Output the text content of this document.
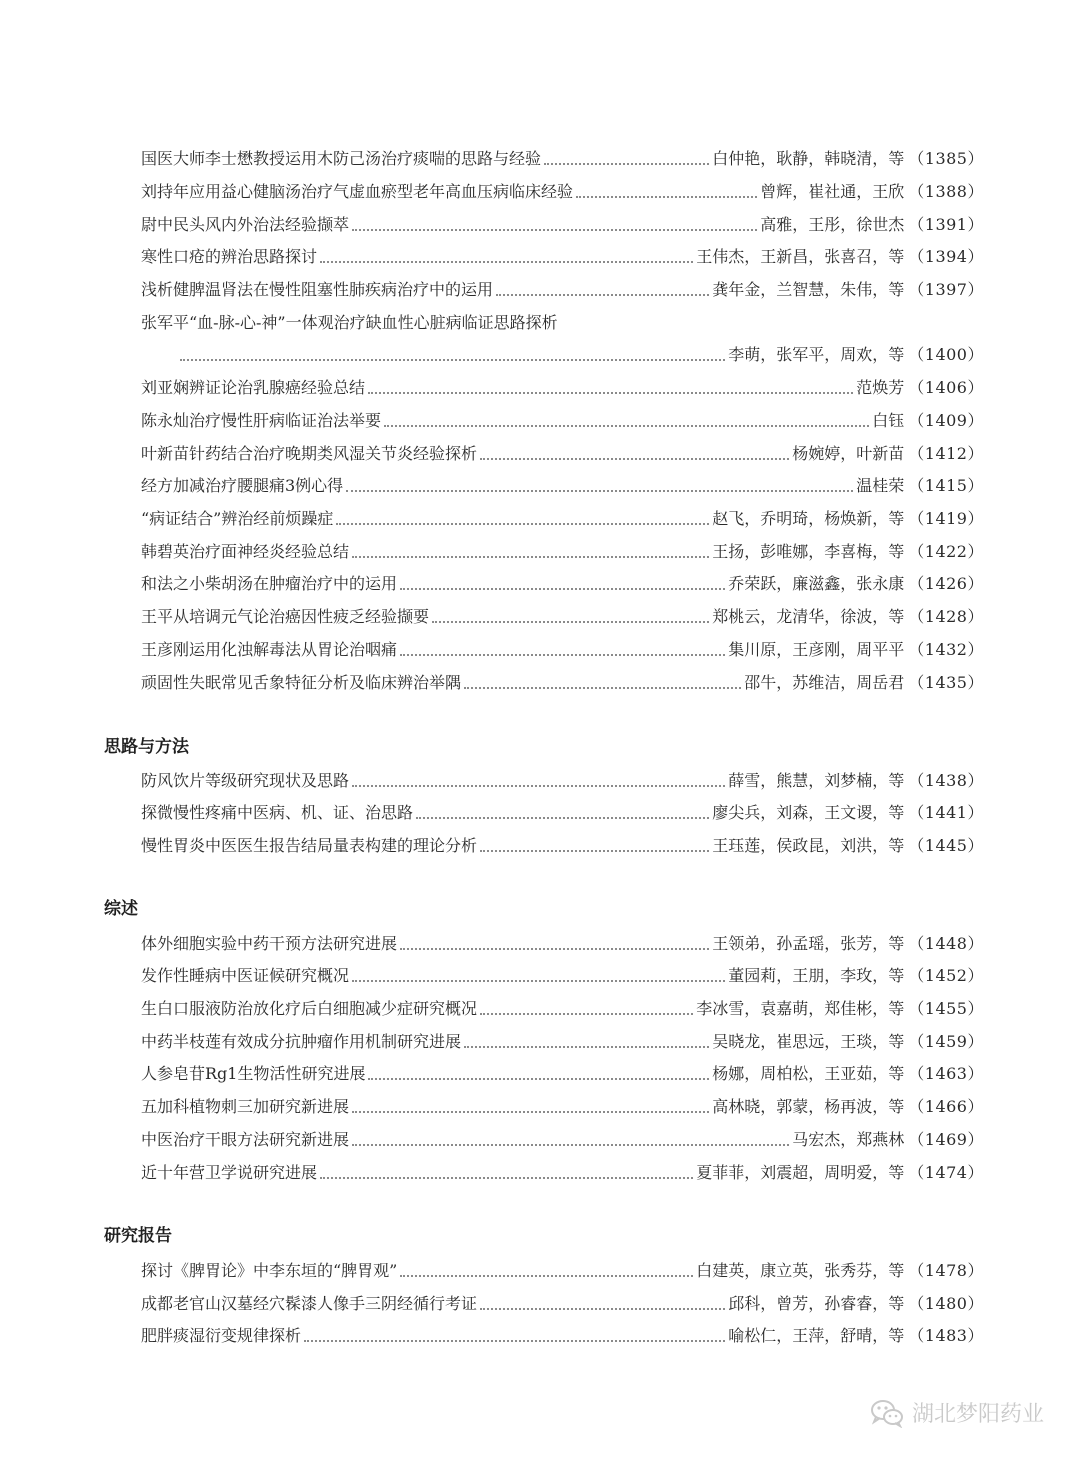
国医大师李士懋教授运用木防己汤治疗痰喘的思路与经验	白仲艳，耿静，韩晓清，等 （1385）
刘持年应用益心健脑汤治疗气虚血瘀型老年高血压病临床经验	曾辉，崔社通，王欣 （1388）
尉中民头风内外治法经验撷萃	高雅，王彤，徐世杰 （1391）
寒性口疮的辨治思路探讨	王伟杰，王新昌，张喜召，等 （1394）
浅析健脾温肾法在慢性阻塞性肺疾病治疗中的运用	龚年金，兰智慧，朱伟，等 （1397）
张军平“血-脉-心-神”一体观治疗缺血性心脏病临证思路探析
李萌，张军平，周欢，等 （1400）
刘亚娴辨证论治乳腺癌经验总结	范焕芳 （1406）
陈永灿治疗慢性肝病临证治法举要	白钰 （1409）
叶新苗针药结合治疗晚期类风湿关节炎经验探析	杨婉婷，叶新苗 （1412）
经方加减治疗腰腿痛3例心得	温桂荣 （1415）
“病证结合”辨治经前烦躁症	赵飞，乔明琦，杨焕新，等 （1419）
韩碧英治疗面神经炎经验总结	王扬，彭唯娜，李喜梅，等 （1422）
和法之小柴胡汤在肿瘤治疗中的运用	乔荣跃，廉滋鑫，张永康 （1426）
王平从培调元气论治癌因性疲乏经验撷要	郑桃云，龙清华，徐波，等 （1428）
王彦刚运用化浊解毒法从胃论治咽痛	集川原，王彦刚，周平平 （1432）
顽固性失眠常见舌象特征分析及临床辨治举隅	邵牛，苏维洁，周岳君 （1435）
思路与方法
防风饮片等级研究现状及思路	薛雪，熊慧，刘梦楠，等 （1438）
探微慢性疼痛中医病、机、证、治思路	廖尖兵，刘森，王文谡，等 （1441）
慢性胃炎中医医生报告结局量表构建的理论分析	王珏莲，侯政昆，刘洪，等 （1445）
综述
体外细胞实验中药干预方法研究进展	王领弟，孙孟瑶，张芳，等 （1448）
发作性睡病中医证候研究概况	董园莉，王朋，李玫，等 （1452）
生白口服液防治放化疗后白细胞减少症研究概况	李冰雪，袁嘉萌，郑佳彬，等 （1455）
中药半枝莲有效成分抗肿瘤作用机制研究进展	吴晓龙，崔思远，王琰，等 （1459）
人参皂苷Rg1生物活性研究进展	杨娜，周柏松，王亚茹，等 （1463）
五加科植物刺三加研究新进展	高林晓，郭蒙，杨再波，等 （1466）
中医治疗干眼方法研究新进展	马宏杰，郑燕林 （1469）
近十年营卫学说研究进展	夏菲菲，刘震超，周明爱，等 （1474）
研究报告
探讨《脾胃论》中李东垣的“脾胃观”	白建英，康立英，张秀芬，等 （1478）
成都老官山汉墓经穴髹漆人像手三阴经循行考证	邱科，曾芳，孙睿睿，等 （1480）
肥胖痰湿衍变规律探析	喻松仁，王萍，舒晴，等 （1483）
湖北梦阳药业
